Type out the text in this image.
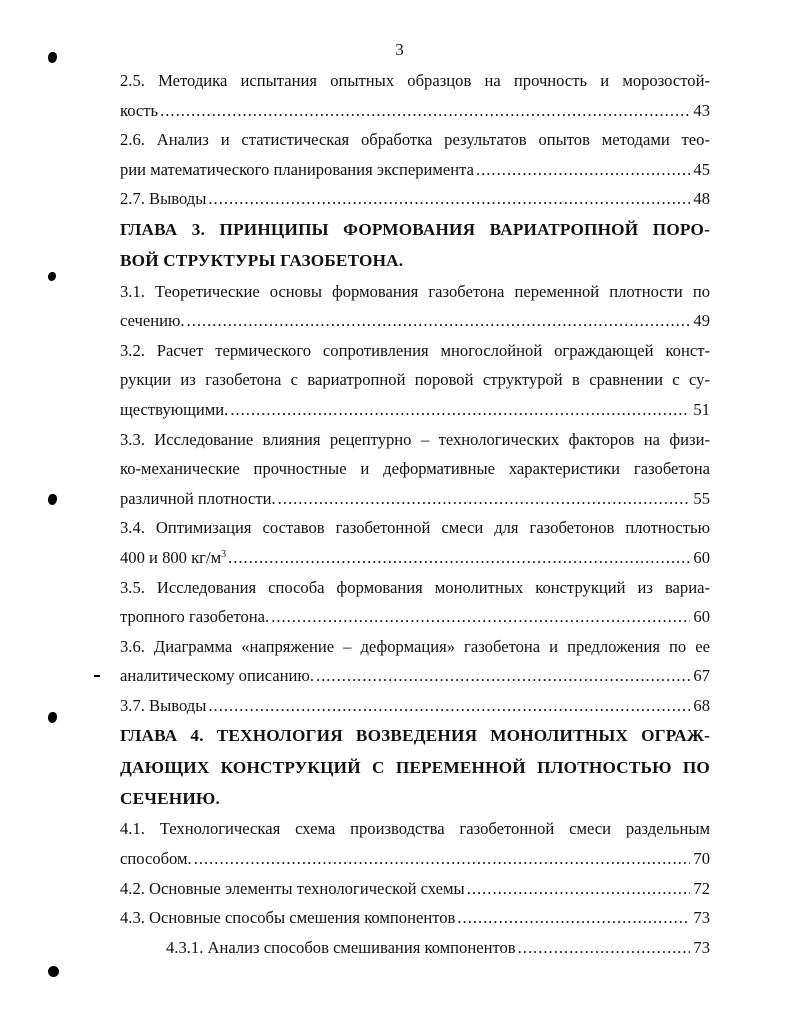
3
2.5. Методика испытания опытных образцов на прочность и морозостой-
кость .....	43
2.6. Анализ и статистическая обработка результатов опытов методами тео-
рии математического планирования эксперимента .....	45
2.7. Выводы .....	48
ГЛАВА 3. ПРИНЦИПЫ ФОРМОВАНИЯ ВАРИАТРОПНОЙ ПОРО-
ВОЙ СТРУКТУРЫ ГАЗОБЕТОНА.
3.1. Теоретические основы формования газобетона переменной плотности по
сечению. .....	49
3.2. Расчет термического сопротивления многослойной ограждающей конст-
рукции из газобетона с вариатропной поровой структурой в сравнении с су-
ществующими. .....	51
3.3. Исследование влияния рецептурно – технологических факторов на физи-
ко-механические прочностные и деформативные характеристики газобетона
различной плотности. .....	55
3.4. Оптимизация составов газобетонной смеси для газобетонов плотностью
400 и 800 $кг/м^3$ .....	60
3.5. Исследования способа формования монолитных конструкций из вариа-
тропного газобетона. .....	60
3.6. Диаграмма «напряжение – деформация» газобетона и предложения по ее
аналитическому описанию. .....	67
3.7. Выводы .....	68
ГЛАВА 4. ТЕХНОЛОГИЯ ВОЗВЕДЕНИЯ МОНОЛИТНЫХ ОГРАЖ-
ДАЮЩИХ КОНСТРУКЦИЙ С ПЕРЕМЕННОЙ ПЛОТНОСТЬЮ ПО
СЕЧЕНИЮ.
4.1. Технологическая схема производства газобетонной смеси раздельным
способом. .....	70
4.2. Основные элементы технологической схемы .....	72
4.3. Основные способы смешения компонентов .....	73
4.3.1. Анализ способов смешивания компонентов .....	73
